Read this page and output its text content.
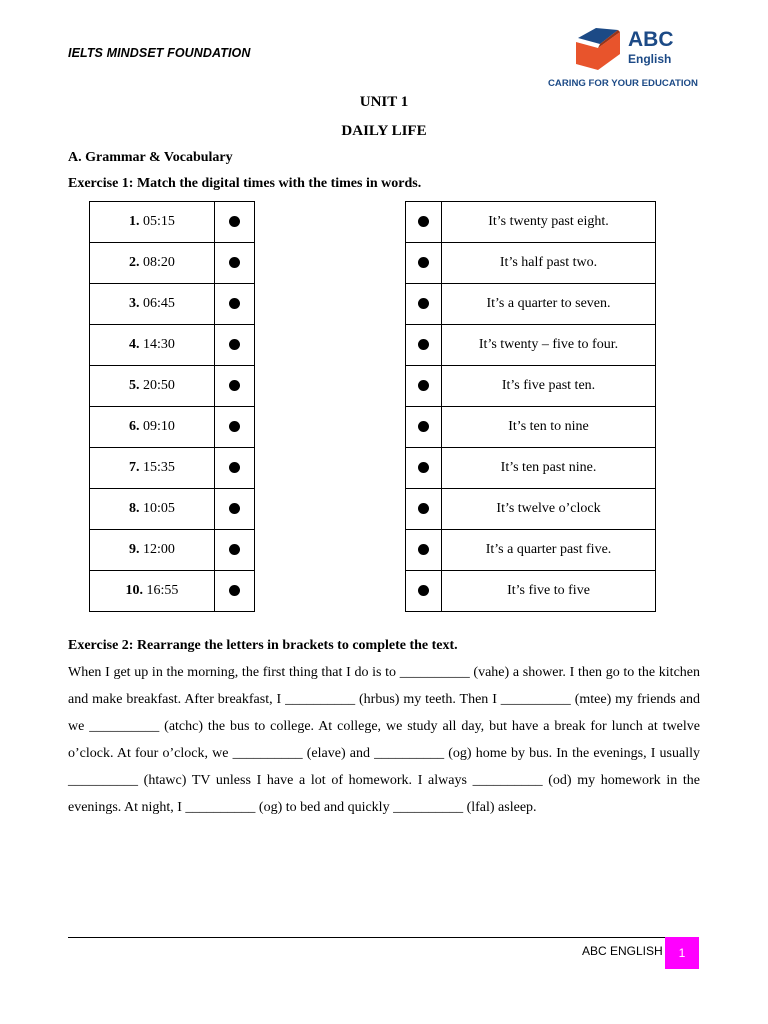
IELTS MINDSET FOUNDATION
ABC
English
CARING FOR YOUR EDUCATION
UNIT 1
DAILY LIFE
A. Grammar & Vocabulary
Exercise 1: Match the digital times with the times in words.
1. 05:15	
2. 08:20	
3. 06:45	
4. 14:30	
5. 20:50	
6. 09:10	
7. 15:35	
8. 10:05	
9. 12:00	
10. 16:55	
	It’s twenty past eight.
	It’s half past two.
	It’s a quarter to seven.
	It’s twenty – five to four.
	It’s five past ten.
	It’s ten to nine
	It’s ten past nine.
	It’s twelve o’clock
	It’s a quarter past five.
	It’s five to five
Exercise 2: Rearrange the letters in brackets to complete the text.

When I get up in the morning, the first thing that I do is to __________ (vahe) a shower. I then go to the kitchen and make breakfast. After breakfast, I __________ (hrbus) my teeth. Then I __________ (mtee) my friends and we __________ (atchc) the bus to college. At college, we study all day, but have a break for lunch at twelve o’clock. At four o’clock, we __________ (elave) and __________ (og) home by bus. In the evenings, I usually __________ (htawc) TV unless I have a lot of homework. I always __________ (od) my homework in the evenings. At night, I __________ (og) to bed and quickly __________ (lfal) asleep.

ABC ENGLISH	1
